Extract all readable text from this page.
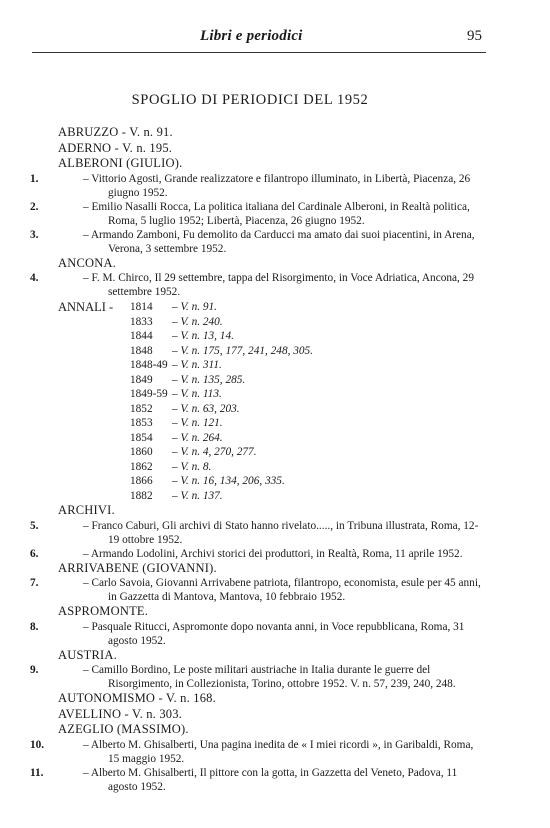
Libri e periodici	95
SPOGLIO DI PERIODICI DEL 1952
ABRUZZO - V. n. 91.
ADERNO - V. n. 195.
ALBERONI (GIULIO).
1.	– Vittorio Agosti, Grande realizzatore e filantropo illuminato, in Libertà, Piacenza, 26 giugno 1952.
2.	– Emilio Nasalli Rocca, La politica italiana del Cardinale Alberoni, in Realtà politica, Roma, 5 luglio 1952; Libertà, Piacenza, 26 giugno 1952.
3.	– Armando Zamboni, Fu demolito da Carducci ma amato dai suoi piacentini, in Arena, Verona, 3 settembre 1952.
ANCONA.
4.	– F. M. Chirco, Il 29 settembre, tappa del Risorgimento, in Voce Adriatica, Ancona, 29 settembre 1952.
ANNALI - 1814 – V. n. 91.
1833 – V. n. 240.
1844 – V. n. 13, 14.
1848 – V. n. 175, 177, 241, 248, 305.
1848-49 – V. n. 311.
1849 – V. n. 135, 285.
1849-59 – V. n. 113.
1852 – V. n. 63, 203.
1853 – V. n. 121.
1854 – V. n. 264.
1860 – V. n. 4, 270, 277.
1862 – V. n. 8.
1866 – V. n. 16, 134, 206, 335.
1882 – V. n. 137.
ARCHIVI.
5.	– Franco Caburi, Gli archivi di Stato hanno rivelato....., in Tribuna illustrata, Roma, 12-19 ottobre 1952.
6.	– Armando Lodolini, Archivi storici dei produttori, in Realtà, Roma, 11 aprile 1952.
ARRIVABENE (GIOVANNI).
7.	– Carlo Savoia, Giovanni Arrivabene patriota, filantropo, economista, esule per 45 anni, in Gazzetta di Mantova, Mantova, 10 febbraio 1952.
ASPROMONTE.
8.	– Pasquale Ritucci, Aspromonte dopo novanta anni, in Voce repubblicana, Roma, 31 agosto 1952.
AUSTRIA.
9.	– Camillo Bordino, Le poste militari austriache in Italia durante le guerre del Risorgimento, in Collezionista, Torino, ottobre 1952. V. n. 57, 239, 240, 248.
AUTONOMISMO - V. n. 168.
AVELLINO - V. n. 303.
AZEGLIO (MASSIMO).
10.	– Alberto M. Ghisalberti, Una pagina inedita de « I miei ricordi », in Garibaldi, Roma, 15 maggio 1952.
11.	– Alberto M. Ghisalberti, Il pittore con la gotta, in Gazzetta del Veneto, Padova, 11 agosto 1952.
